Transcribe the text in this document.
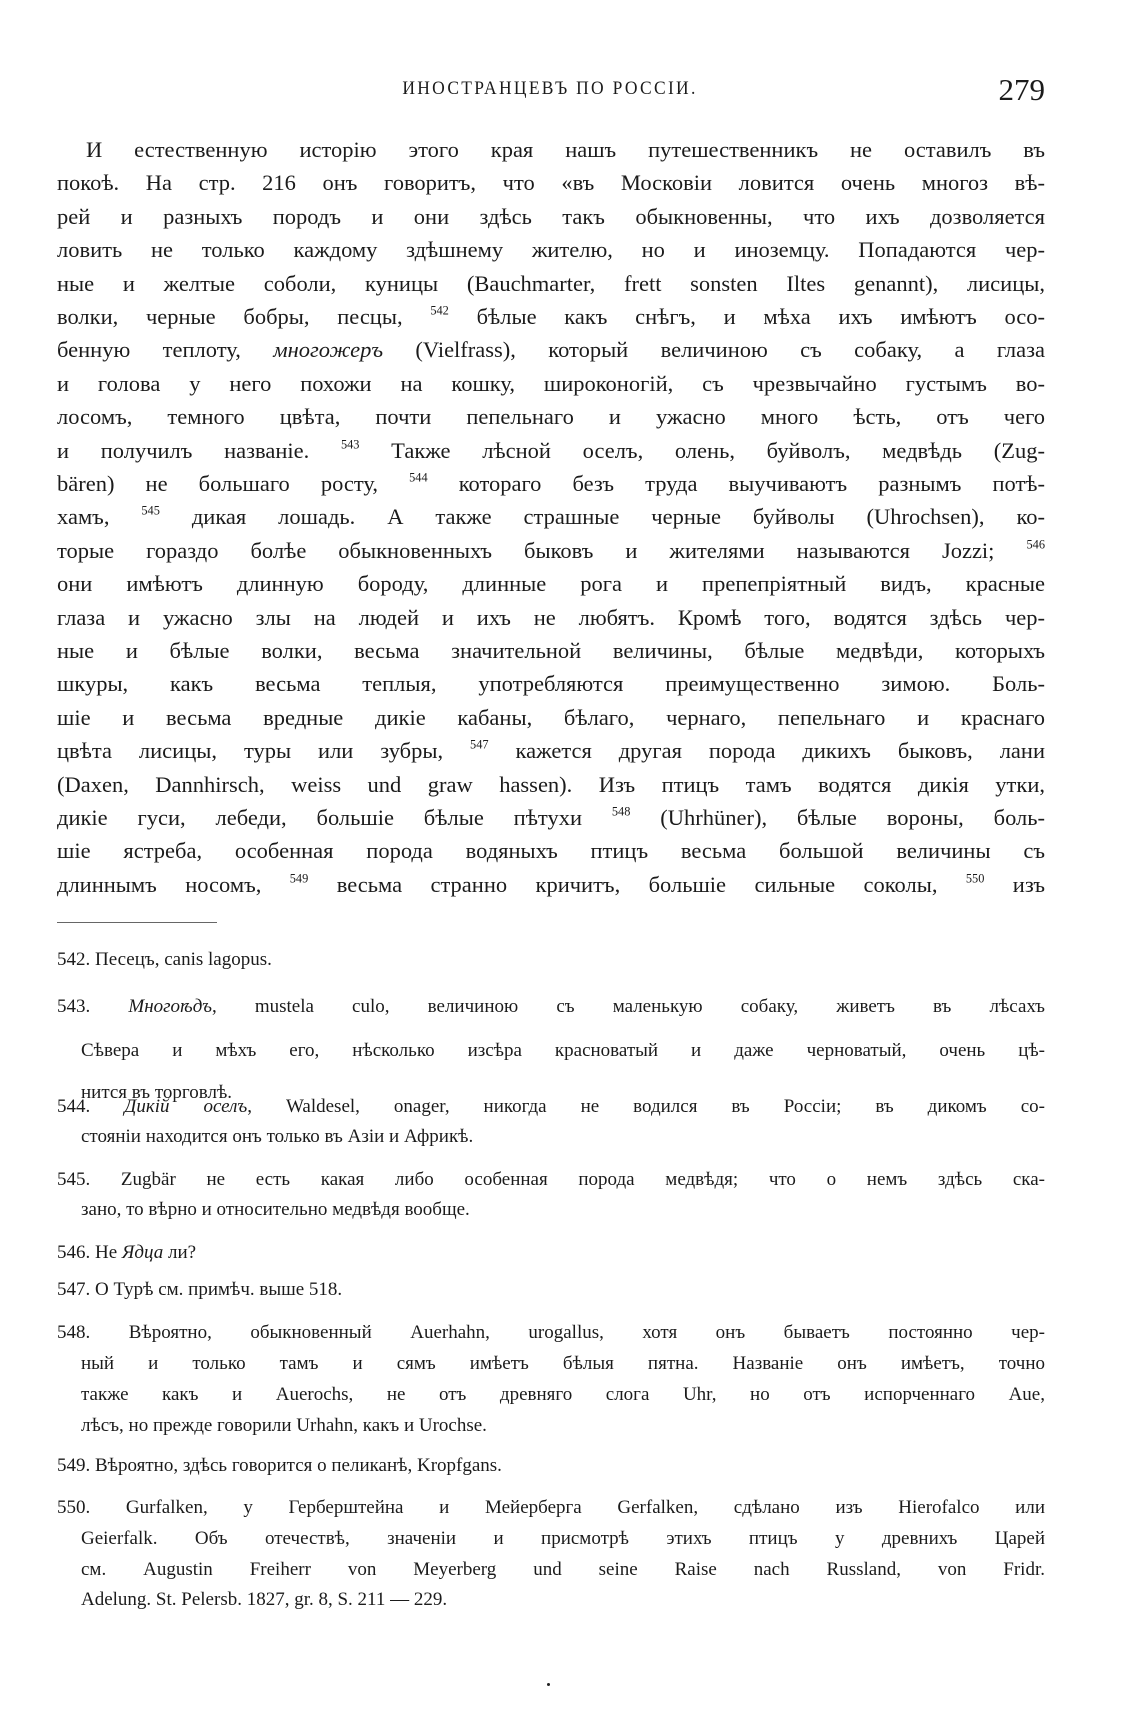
ИНОСТРАНЦЕВЪ ПО РОССІИ.	279
И естественную исторію этого края нашъ путешественникъ не оставилъ въ
покоѣ. На стр. 216 онъ говоритъ, что «въ Московіи ловится очень многоз вѣ-
рей и разныхъ породъ и они здѣсь такъ обыкновенны, что ихъ дозволяется
ловить не только каждому здѣшнему жителю, но и иноземцу. Попадаются чер-
ные и желтые соболи, куницы (Bauchmarter, frett sonsten Iltes genannt), лисицы,
волки, черные бобры, песцы, $^{542}$ бѣлые какъ снѣгъ, и мѣха ихъ имѣютъ осо-
бенную теплоту, многожеръ (Vielfrass), который величиною съ собаку, а глаза
и голова у него похожи на кошку, широконогій, съ чрезвычайно густымъ во-
лосомъ, темного цвѣта, почти пепельнаго и ужасно много ѣсть, отъ чего
и получилъ названіе. $^{543}$ Также лѣсной оселъ, олень, буйволъ, медвѣдь (Zug-
bären) не большаго росту, $^{544}$ котораго безъ труда выучиваютъ разнымъ потѣ-
хамъ, $^{545}$ дикая лошадь. А также страшные черные буйволы (Uhrochsen), ко-
торые гораздо болѣе обыкновенныхъ быковъ и жителями называются Jozzi; $^{546}$
они имѣютъ длинную бороду, длинные рога и препепріятный видъ, красные
глаза и ужасно злы на людей и ихъ не любятъ. Кромѣ того, водятся здѣсь чер-
ные и бѣлые волки, весьма значительной величины, бѣлые медвѣди, которыхъ
шкуры, какъ весьма теплыя, употребляются преимущественно зимою. Боль-
шіе и весьма вредные дикіе кабаны, бѣлаго, чернаго, пепельнаго и краснаго
цвѣта лисицы, туры или зубры, $^{547}$ кажется другая порода дикихъ быковъ, лани
(Daxen, Dannhirsch, weiss und graw hassen). Изъ птицъ тамъ водятся дикія утки,
дикіе гуси, лебеди, большіе бѣлые пѣтухи $^{548}$ (Uhrhüner), бѣлые вороны, боль-
шіе ястреба, особенная порода водяныхъ птицъ весьма большой величины съ
длиннымъ носомъ, $^{549}$ весьма странно кричитъ, большіе сильные соколы, $^{550}$ изъ
542. Песецъ, canis lagopus.
543. Многоѣдъ, mustela culo, величиною съ маленькую собаку, живетъ въ лѣсахъ
Сѣвера и мѣхъ его, нѣсколько изсѣра красноватый и даже черноватый, очень цѣ-
нится въ торговлѣ.
544. Дикій оселъ, Waldesel, onager, никогда не водился въ Россіи; въ дикомъ со-
стояніи находится онъ только въ Азіи и Африкѣ.
545. Zugbär не есть какая либо особенная порода медвѣдя; что о немъ здѣсь ска-
зано, то вѣрно и относительно медвѣдя вообще.
546. Не Ядца ли?
547. О Турѣ см. примѣч. выше 518.
548. Вѣроятно, обыкновенный Auerhahn, urogallus, хотя онъ бываетъ постоянно чер-
ный и только тамъ и сямъ имѣетъ бѣлыя пятна. Названіе онъ имѣетъ, точно
также какъ и Auerochs, не отъ древняго слога Uhr, но отъ испорченнаго Aue,
лѣсъ, но прежде говорили Urhahn, какъ и Urochse.
549. Вѣроятно, здѣсь говорится о пеликанѣ, Kropfgans.
550. Gurfalken, у Герберштейна и Мейерберга Gerfalken, сдѣлано изъ Hierofalco или
Geierfalk. Объ отечествѣ, значеніи и присмотрѣ этихъ птицъ у древнихъ Царей
см. Augustin Freiherr von Meyerberg und seine Raise nach Russland, von Fridr.
Adelung. St. Pelersb. 1827, gr. 8, S. 211 — 229.
